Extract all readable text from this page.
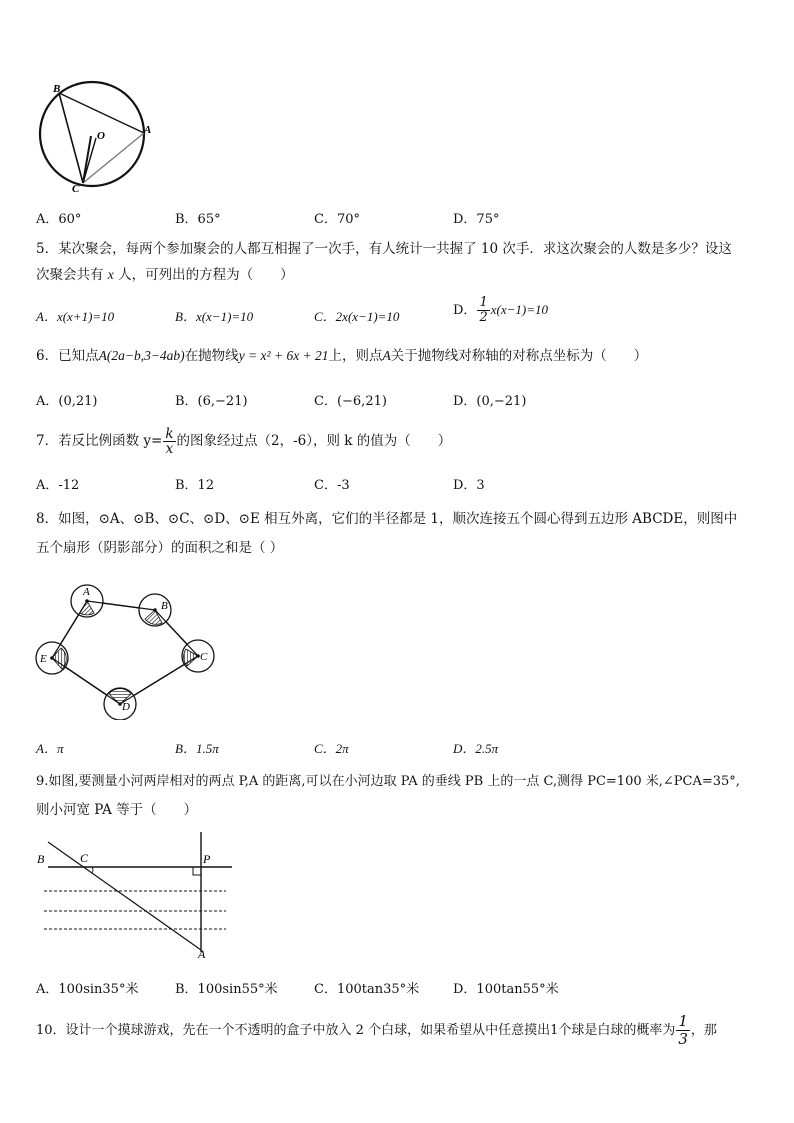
B
O	A
C
A．60°	B．65°	C．70°	D．75°
5．某次聚会，每两个参加聚会的人都互相握了一次手，有人统计一共握了 10 次手．求这次聚会的人数是多少？设这
次聚会共有 x 人，可列出的方程为（　　）
A．x(x+1)=10	B．x(x−1)=10	C．2x(x−1)=10	D． $\frac{1}{2} x(x-1)=10$
6．已知点A(2a−b,3−4ab)在抛物线y = x² + 6x + 21上，则点A关于抛物线对称轴的对称点坐标为（　　）
A．(0,21)	B．(6,−21)	C．(−6,21)	D．(0,−21)
7．若反比例函数 $y= \frac{k}{x}$ 的图象经过点（2，-6），则 k 的值为（　　）
A．-12	B．12	C．-3	D．3
8．如图，⊙A、⊙B、⊙C、⊙D、⊙E 相互外离，它们的半径都是 1，顺次连接五个圆心得到五边形 ABCDE，则图中
五个扇形（阴影部分）的面积之和是（ ）
A
B
C
D
E
A．π	B．1.5π	C．2π	D．2.5π
9.如图,要测量小河两岸相对的两点 P,A 的距离,可以在小河边取 PA 的垂线 PB 上的一点 C,测得 PC=100 米,∠PCA=35°,
则小河宽 PA 等于（　　）
B	C	P
A
A．100sin35°米	B．100sin55°米	C．100tan35°米	D．100tan55°米
10．设计一个摸球游戏，先在一个不透明的盒子中放入 2 个白球，如果希望从中任意摸出1个球是白球的概率为 $\frac{1}{3}$ ，那
